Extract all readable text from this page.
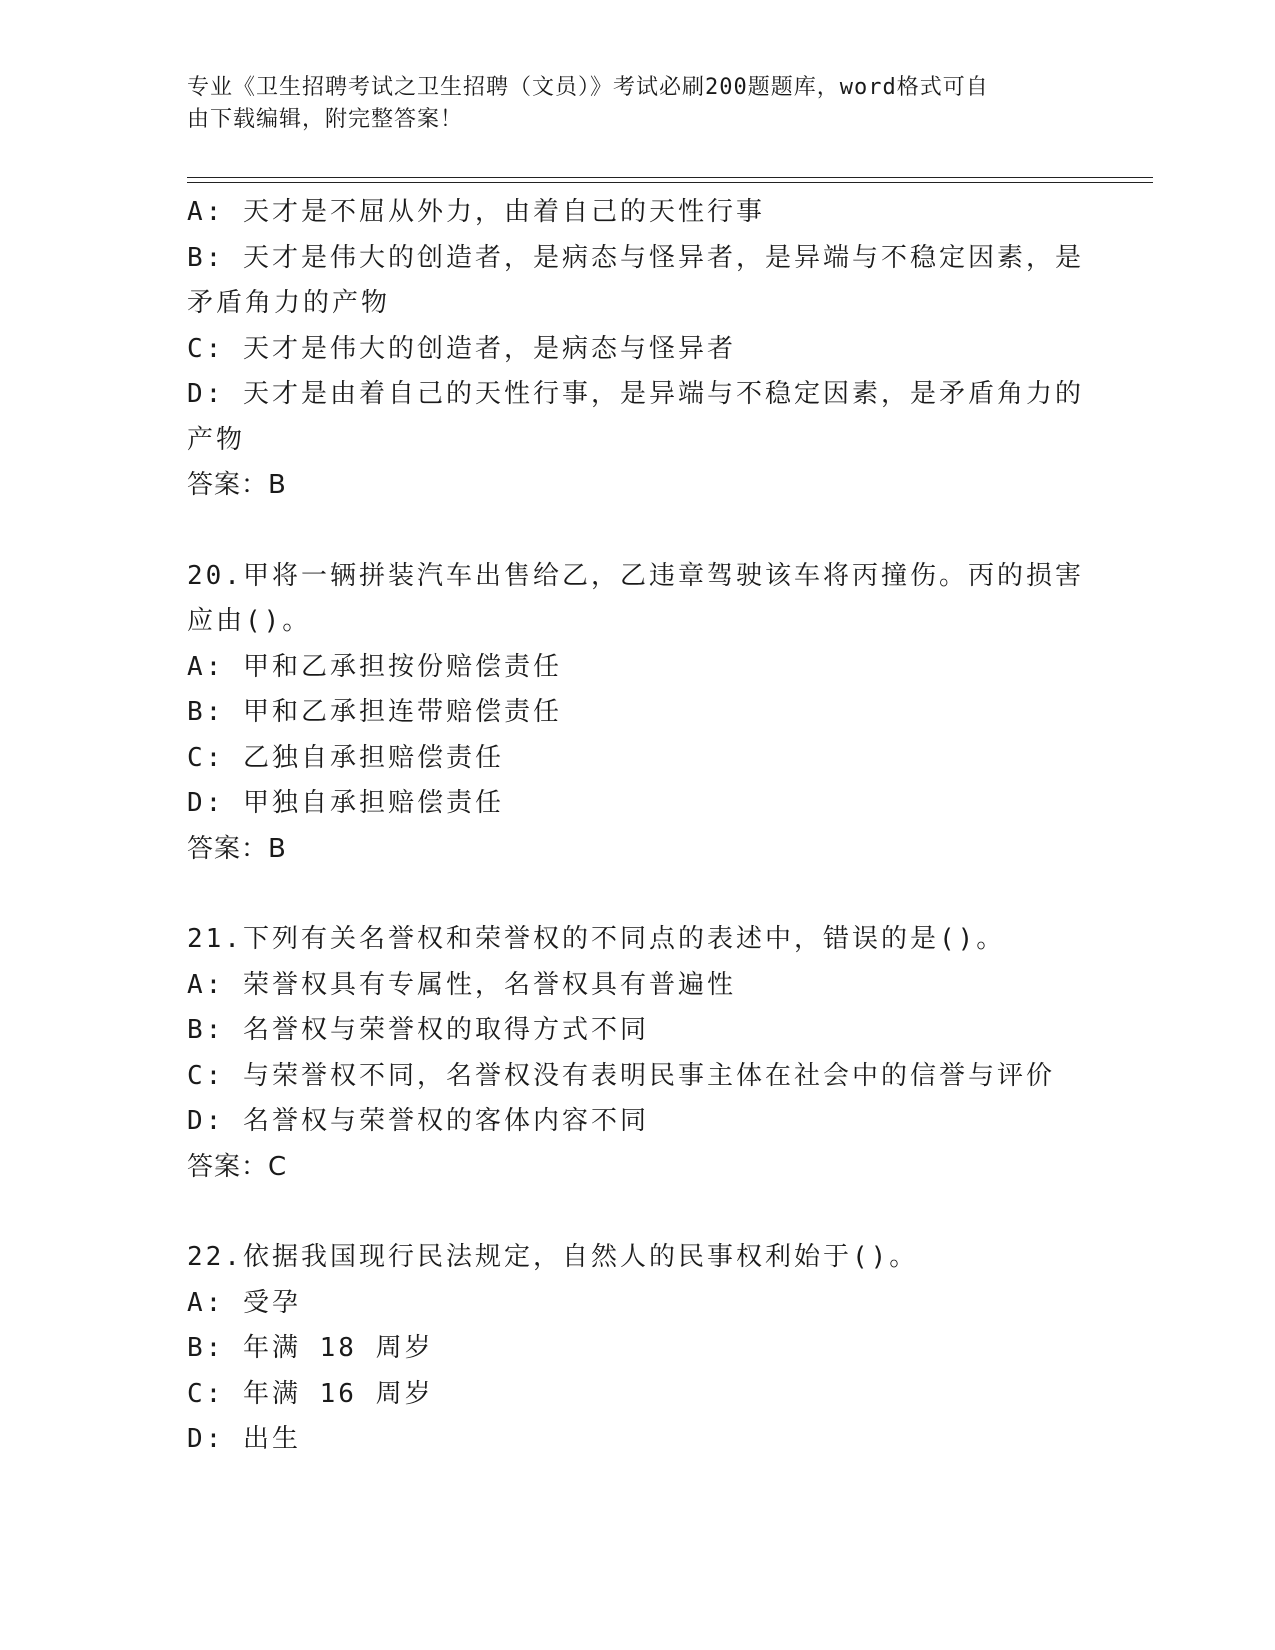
专业《卫生招聘考试之卫生招聘（文员）》考试必刷200题题库，word格式可自
由下载编辑，附完整答案！

A: 天才是不屈从外力，由着自己的天性行事

B: 天才是伟大的创造者，是病态与怪异者，是异端与不稳定因素，是

矛盾角力的产物

C: 天才是伟大的创造者，是病态与怪异者

D: 天才是由着自己的天性行事，是异端与不稳定因素，是矛盾角力的

产物

答案：B

20.甲将一辆拼装汽车出售给乙，乙违章驾驶该车将丙撞伤。丙的损害

应由()。

A: 甲和乙承担按份赔偿责任

B: 甲和乙承担连带赔偿责任

C: 乙独自承担赔偿责任

D: 甲独自承担赔偿责任

答案：B

21.下列有关名誉权和荣誉权的不同点的表述中，错误的是()。

A: 荣誉权具有专属性，名誉权具有普遍性

B: 名誉权与荣誉权的取得方式不同

C: 与荣誉权不同，名誉权没有表明民事主体在社会中的信誉与评价

D: 名誉权与荣誉权的客体内容不同

答案：C

22.依据我国现行民法规定，自然人的民事权利始于()。

A: 受孕

B: 年满 18 周岁

C: 年满 16 周岁

D: 出生
